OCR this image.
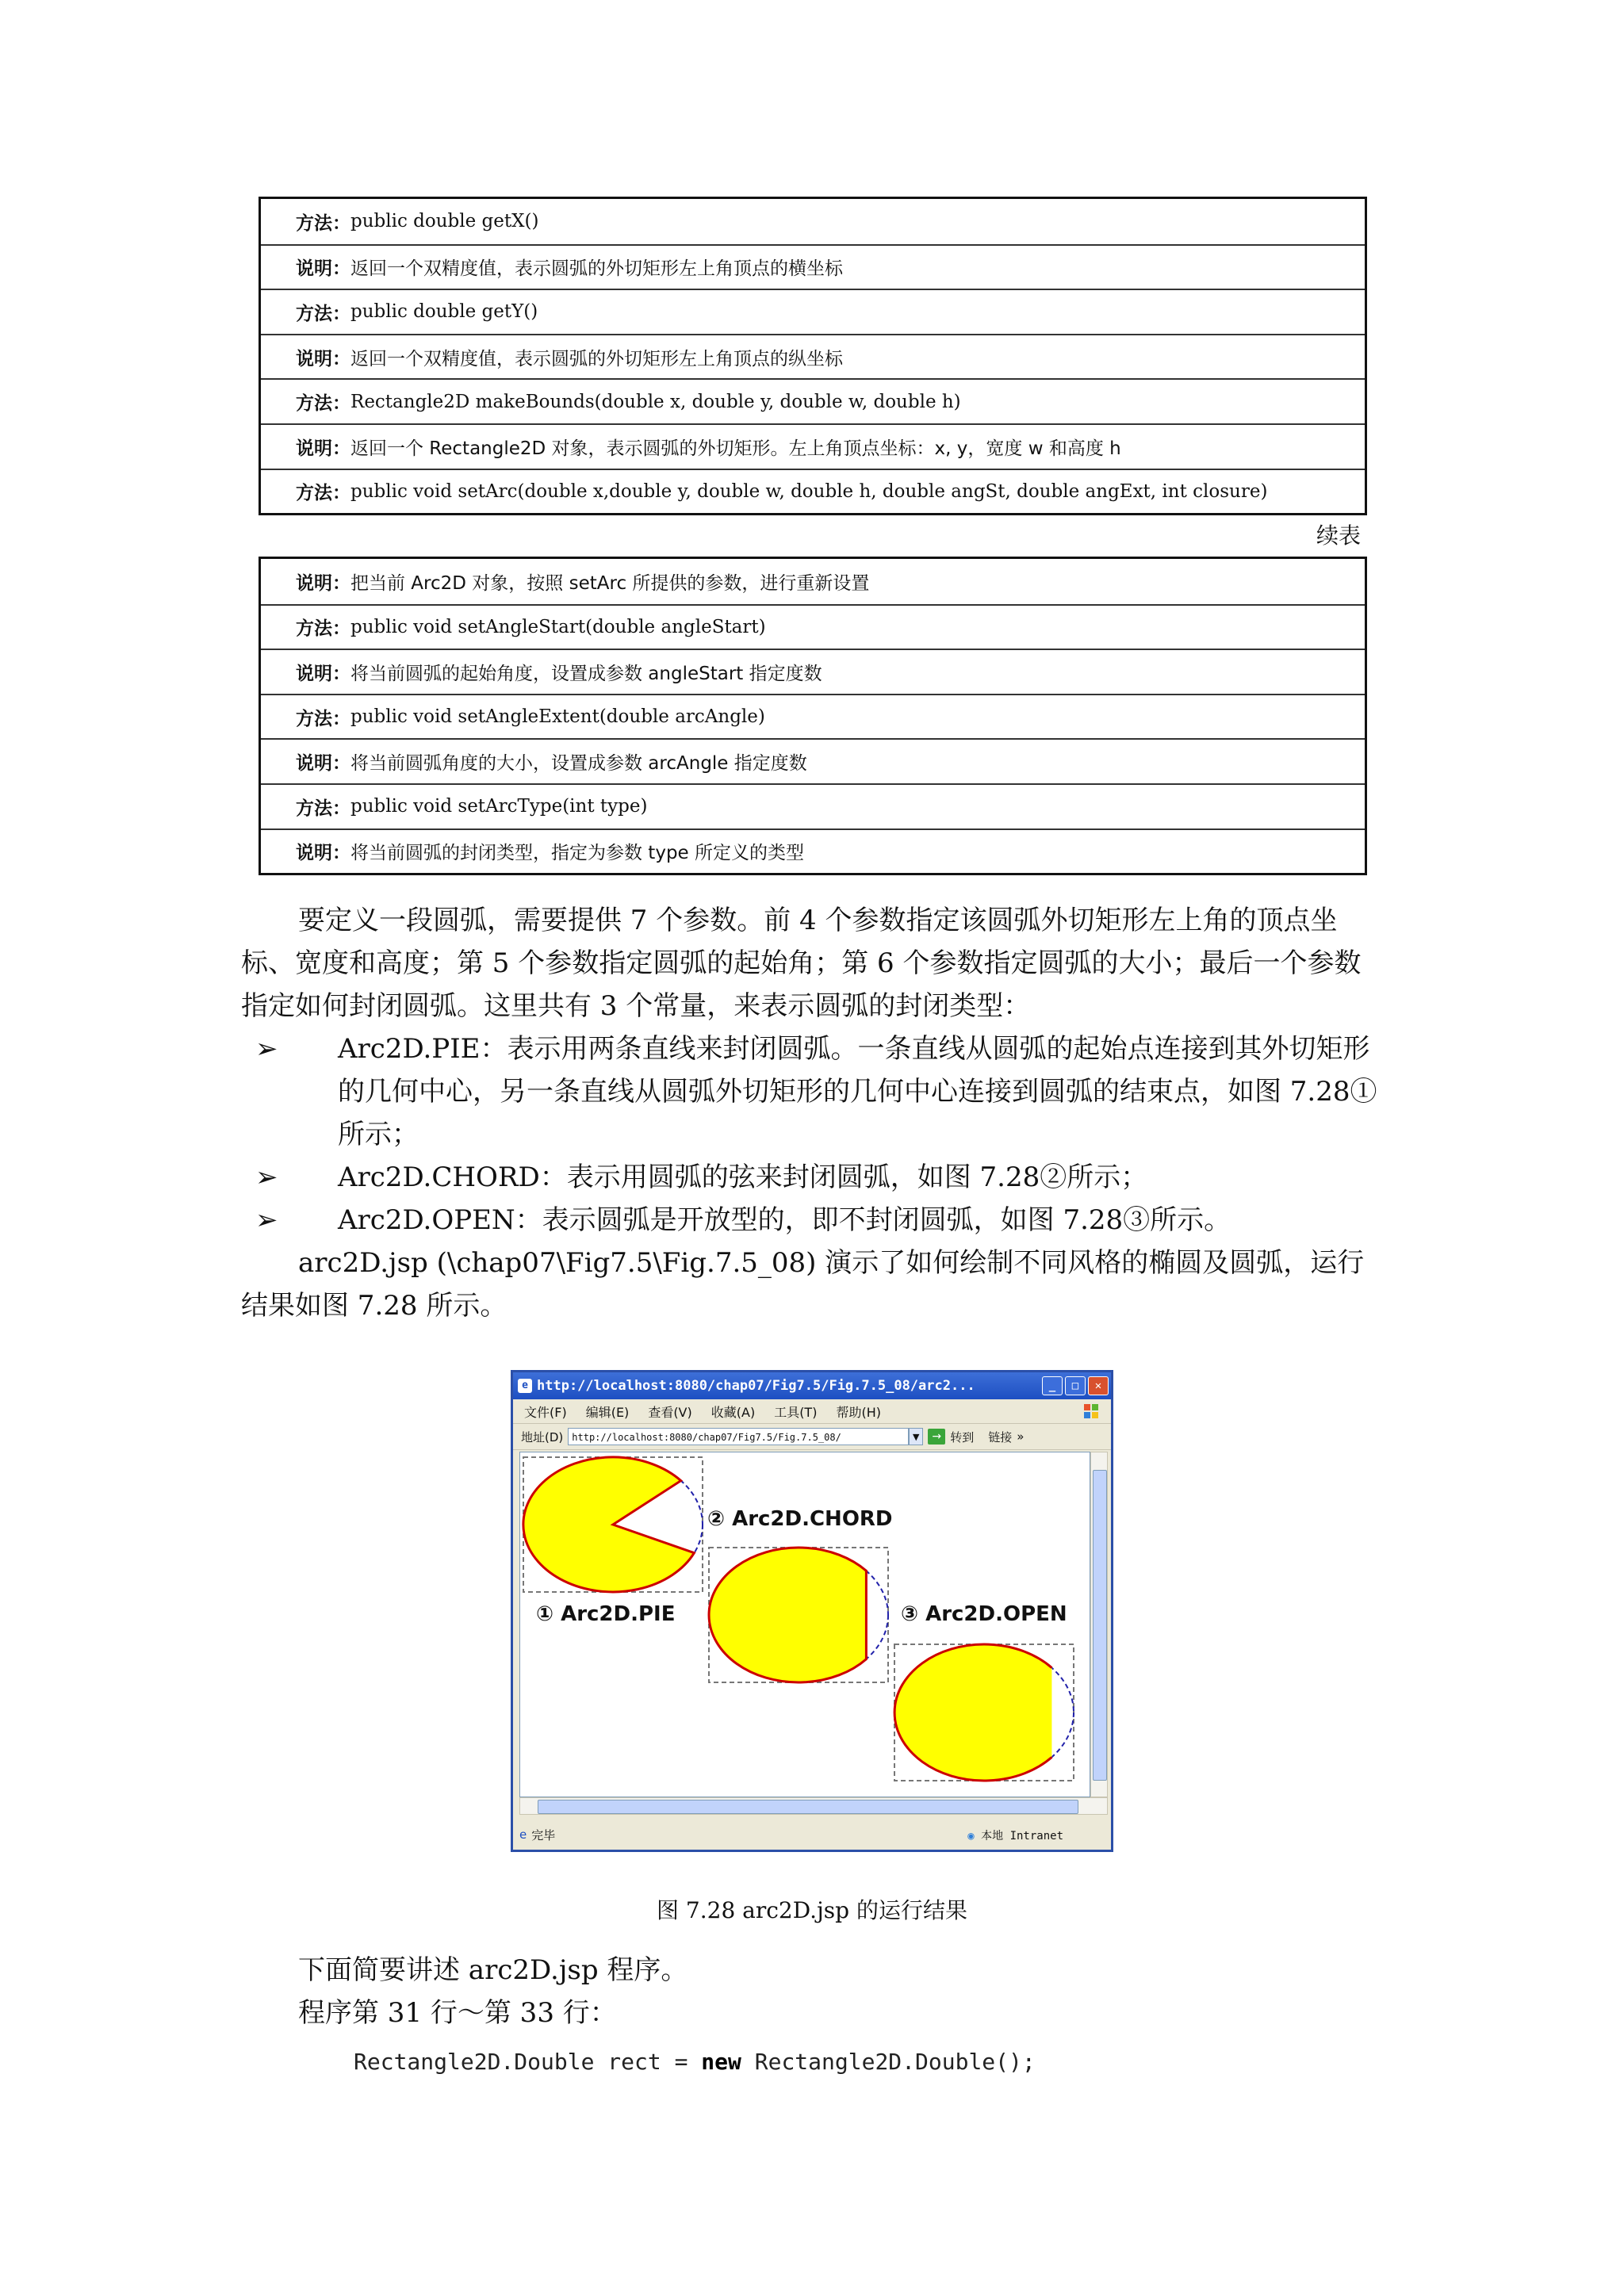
方法： public double getX()
说明： 返回一个双精度值，表示圆弧的外切矩形左上角顶点的横坐标
方法： public double getY()
说明： 返回一个双精度值，表示圆弧的外切矩形左上角顶点的纵坐标
方法： Rectangle2D makeBounds(double x, double y, double w, double h)
说明： 返回一个 Rectangle2D 对象，表示圆弧的外切矩形。左上角顶点坐标：x, y，宽度 w 和高度 h
方法： public void setArc(double x,double y, double w, double h, double angSt, double angExt, int closure)
续表
说明： 把当前 Arc2D 对象，按照 setArc 所提供的参数，进行重新设置
方法： public void setAngleStart(double angleStart)
说明： 将当前圆弧的起始角度，设置成参数 angleStart 指定度数
方法： public void setAngleExtent(double arcAngle)
说明： 将当前圆弧角度的大小，设置成参数 arcAngle 指定度数
方法： public void setArcType(int type)
说明： 将当前圆弧的封闭类型，指定为参数 type 所定义的类型
要定义一段圆弧，需要提供 7 个参数。前 4 个参数指定该圆弧外切矩形左上角的顶点坐标、宽度和高度；第 5 个参数指定圆弧的起始角；第 6 个参数指定圆弧的大小；最后一个参数指定如何封闭圆弧。这里共有 3 个常量，来表示圆弧的封闭类型：
➢ Arc2D.PIE：表示用两条直线来封闭圆弧。一条直线从圆弧的起始点连接到其外切矩形的几何中心，另一条直线从圆弧外切矩形的几何中心连接到圆弧的结束点，如图 7.28①所示；
➢ Arc2D.CHORD：表示用圆弧的弦来封闭圆弧，如图 7.28②所示；
➢ Arc2D.OPEN：表示圆弧是开放型的，即不封闭圆弧，如图 7.28③所示。
arc2D.jsp (\chap07\Fig7.5\Fig.7.5_08) 演示了如何绘制不同风格的椭圆及圆弧，运行结果如图 7.28 所示。
e http://localhost:8080/chap07/Fig7.5/Fig.7.5_08/arc2...	_	□	✕
文件(F) 编辑(E) 查看(V) 收藏(A) 工具(T) 帮助(H)
地址(D) http://localhost:8080/chap07/Fig7.5/Fig.7.5_08/	▼	→ 转到 链接 »
① Arc2D.PIE
② Arc2D.CHORD
③ Arc2D.OPEN
e 完毕	◉ 本地 Intranet
图 7.28 arc2D.jsp 的运行结果
下面简要讲述 arc2D.jsp 程序。
程序第 31 行～第 33 行：
Rectangle2D.Double rect = new Rectangle2D.Double();
